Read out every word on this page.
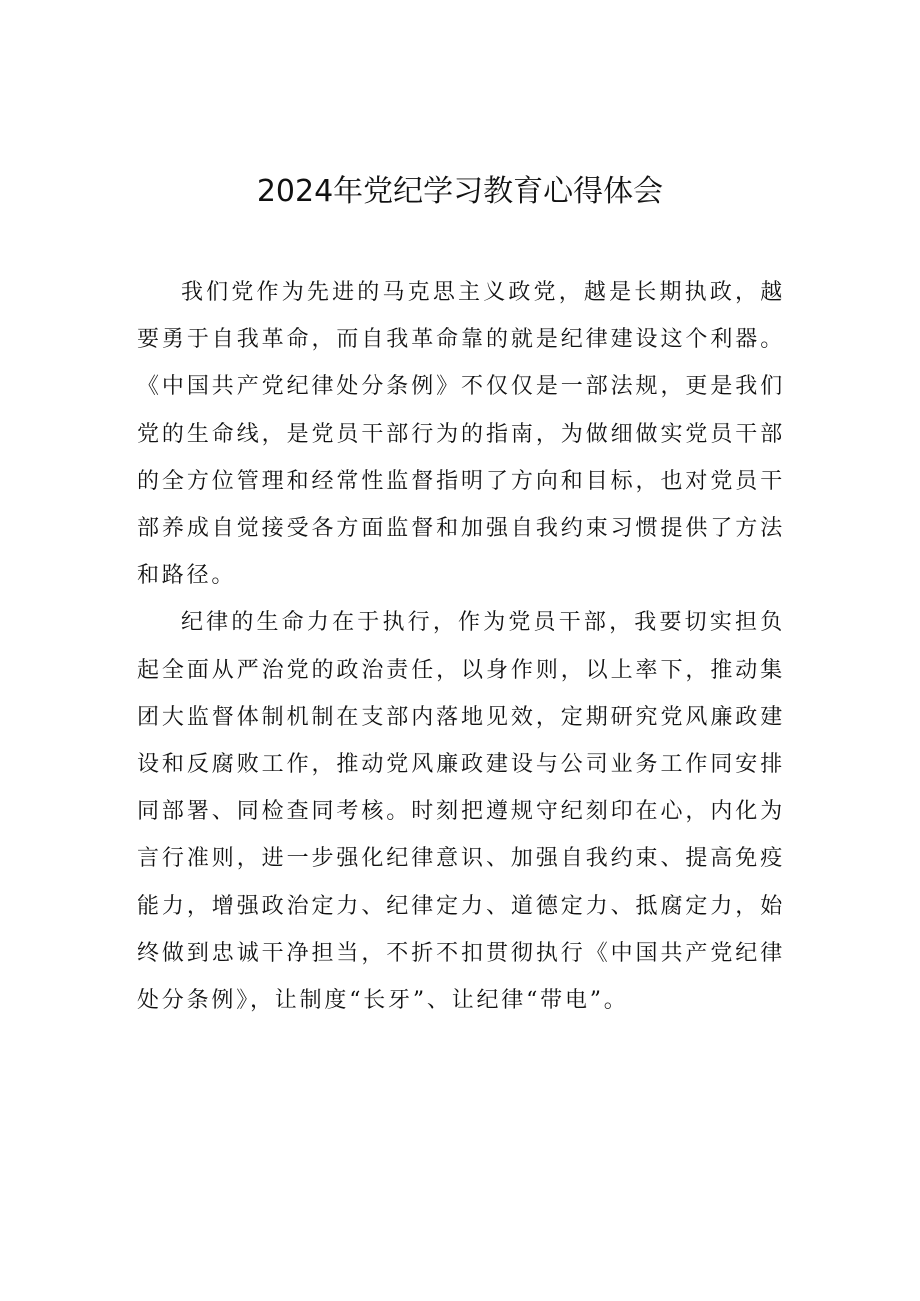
2024年党纪学习教育心得体会

我们党作为先进的马克思主义政党，越是长期执政，越要勇于自我革命，而自我革命靠的就是纪律建设这个利器。《中国共产党纪律处分条例》不仅仅是一部法规，更是我们党的生命线，是党员干部行为的指南，为做细做实党员干部的全方位管理和经常性监督指明了方向和目标，也对党员干部养成自觉接受各方面监督和加强自我约束习惯提供了方法和路径。

纪律的生命力在于执行，作为党员干部，我要切实担负起全面从严治党的政治责任，以身作则，以上率下，推动集团大监督体制机制在支部内落地见效，定期研究党风廉政建设和反腐败工作，推动党风廉政建设与公司业务工作同安排同部署、同检查同考核。时刻把遵规守纪刻印在心，内化为言行准则，进一步强化纪律意识、加强自我约束、提高免疫能力，增强政治定力、纪律定力、道德定力、抵腐定力，始终做到忠诚干净担当，不折不扣贯彻执行《中国共产党纪律处分条例》，让制度“长牙”、让纪律“带电”。
